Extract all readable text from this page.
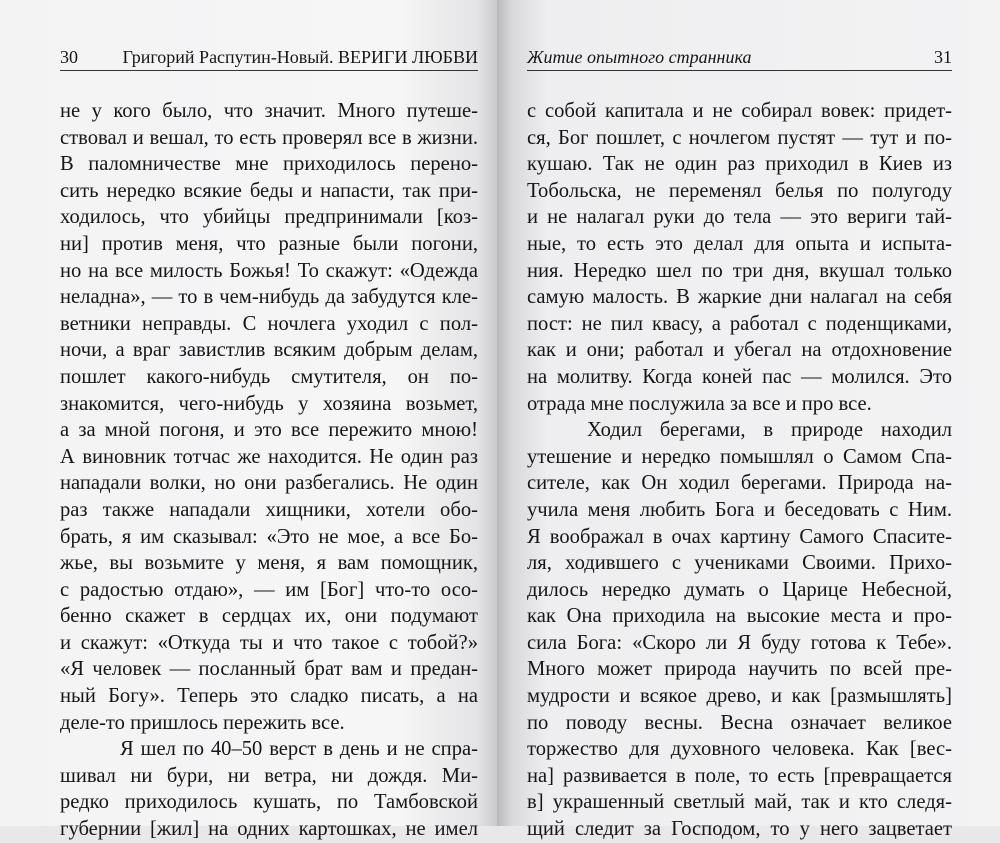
30 Григорий Распутин-Новый. ВЕРИГИ ЛЮБВИ
не у кого было, что значит. Много путеше-
ствовал и вешал, то есть проверял все в жизни.
В паломничестве мне приходилось перено-
сить нередко всякие беды и напасти, так при-
ходилось, что убийцы предпринимали [коз-
ни] против меня, что разные были погони,
но на все милость Божья! То скажут: «Одежда
неладна», — то в чем-нибудь да забудутся кле-
ветники неправды. С ночлега уходил с пол-
ночи, а враг завистлив всяким добрым делам,
пошлет какого-нибудь смутителя, он по-
знакомится, чего-нибудь у хозяина возьмет,
а за мной погоня, и это все пережито мною!
А виновник тотчас же находится. Не один раз
нападали волки, но они разбегались. Не один
раз также нападали хищники, хотели обо-
брать, я им сказывал: «Это не мое, а все Бо-
жье, вы возьмите у меня, я вам помощник,
с радостью отдаю», — им [Бог] что-то осо-
бенно скажет в сердцах их, они подумают
и скажут: «Откуда ты и что такое с тобой?»
«Я человек — посланный брат вам и предан-
ный Богу». Теперь это сладко писать, а на
деле-то пришлось пережить все.
Я шел по 40–50 верст в день и не спра-
шивал ни бури, ни ветра, ни дождя. Ми-
редко приходилось кушать, по Тамбовской
губернии [жил] на одних картошках, не имел
Житие опытного странника	31
с собой капитала и не собирал вовек: придет-
ся, Бог пошлет, с ночлегом пустят — тут и по-
кушаю. Так не один раз приходил в Киев из
Тобольска, не переменял белья по полугоду
и не налагал руки до тела — это вериги тай-
ные, то есть это делал для опыта и испыта-
ния. Нередко шел по три дня, вкушал только
самую малость. В жаркие дни налагал на себя
пост: не пил квасу, а работал с поденщиками,
как и они; работал и убегал на отдохновение
на молитву. Когда коней пас — молился. Это
отрада мне послужила за все и про все.
Ходил берегами, в природе находил
утешение и нередко помышлял о Самом Спа-
сителе, как Он ходил берегами. Природа на-
учила меня любить Бога и беседовать с Ним.
Я воображал в очах картину Самого Спасите-
ля, ходившего с учениками Своими. Прихо-
дилось нередко думать о Царице Небесной,
как Она приходила на высокие места и про-
сила Бога: «Скоро ли Я буду готова к Тебе».
Много может природа научить по всей пре-
мудрости и всякое древо, и как [размышлять]
по поводу весны. Весна означает великое
торжество для духовного человека. Как [вес-
на] развивается в поле, то есть [превращается
в] украшенный светлый май, так и кто следя-
щий следит за Господом, то у него зацветает
